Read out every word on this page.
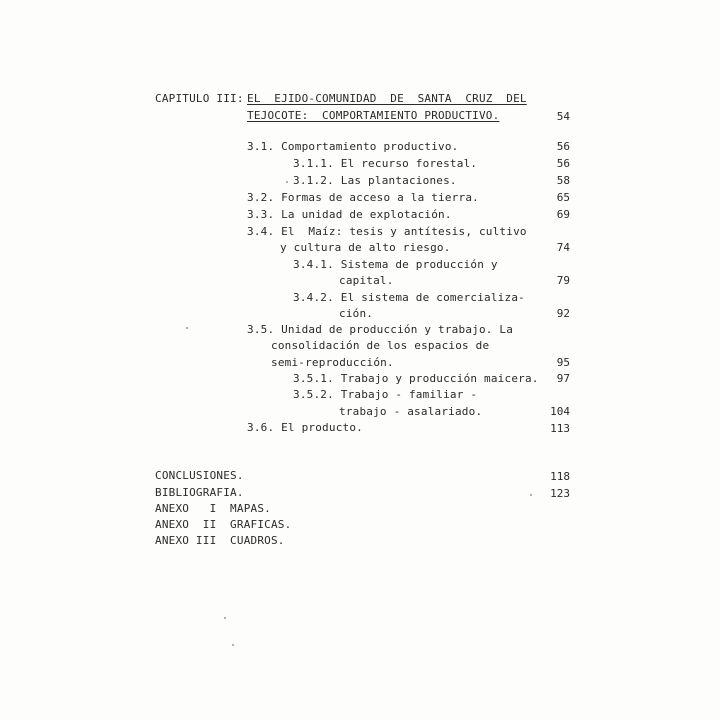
CAPITULO III: EL  EJIDO-COMUNIDAD  DE  SANTA  CRUZ  DEL
TEJOCOTE:  COMPORTAMIENTO PRODUCTIVO.	54
3.1. Comportamiento productivo.	56
3.1.1. El recurso forestal.	56
3.1.2. Las plantaciones.	58
3.2. Formas de acceso a la tierra.	65
3.3. La unidad de explotación.	69
3.4. El  Maíz: tesis y antítesis, cultivo
y cultura de alto riesgo.	74
3.4.1. Sistema de producción y
capital.	79
3.4.2. El sistema de comercializa-
ción.	92
3.5. Unidad de producción y trabajo. La
consolidación de los espacios de
semi-reproducción.	95
3.5.1. Trabajo y producción maicera.	97
3.5.2. Trabajo - familiar -
trabajo - asalariado.	104
3.6. El producto.	113
CONCLUSIONES.	118
BIBLIOGRAFIA.	123
ANEXO   I  MAPAS.
ANEXO  II  GRAFICAS.
ANEXO III  CUADROS.
